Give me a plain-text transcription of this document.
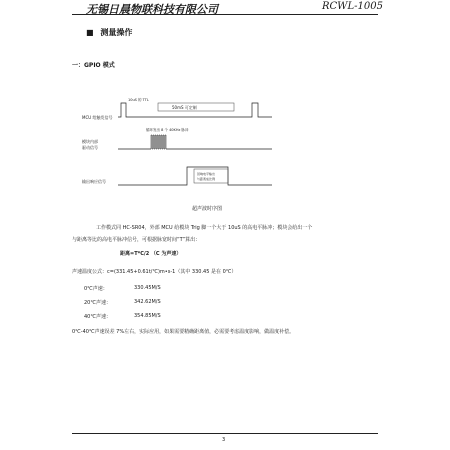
无锡日晨物联科技有限公司	RCWL-1005
■ 测量操作
一：GPIO 模式
MCU 给触发信号
10uS 的 TTL
50mS 可定制
模块内部
驱动信号
循环发出 8 个 40KHz 脉冲
输出响应信号
回响电平输出
与距离成比例
超声波时序图
工作模式同 HC-SR04，外部 MCU 给模块 Trig 脚一个大于 10uS 的高电平脉冲；模块会给出一个
与距离等比的高电平脉冲信号，可根据脉宽时间“T”算出：
距离=T*C/2 （C 为声速）
声速温度公式：c=(331.45+0.61t/℃)m•s-1（其中 330.45 是在 0℃）
0℃声速：	330.45M/S
20℃声速：	342.62M/S
40℃声速：	354.85M/S
0℃-40℃声速误差 7%左右，实际应用，如果需要精确距离值，必需要考虑温度影响，做温度补偿。
3
